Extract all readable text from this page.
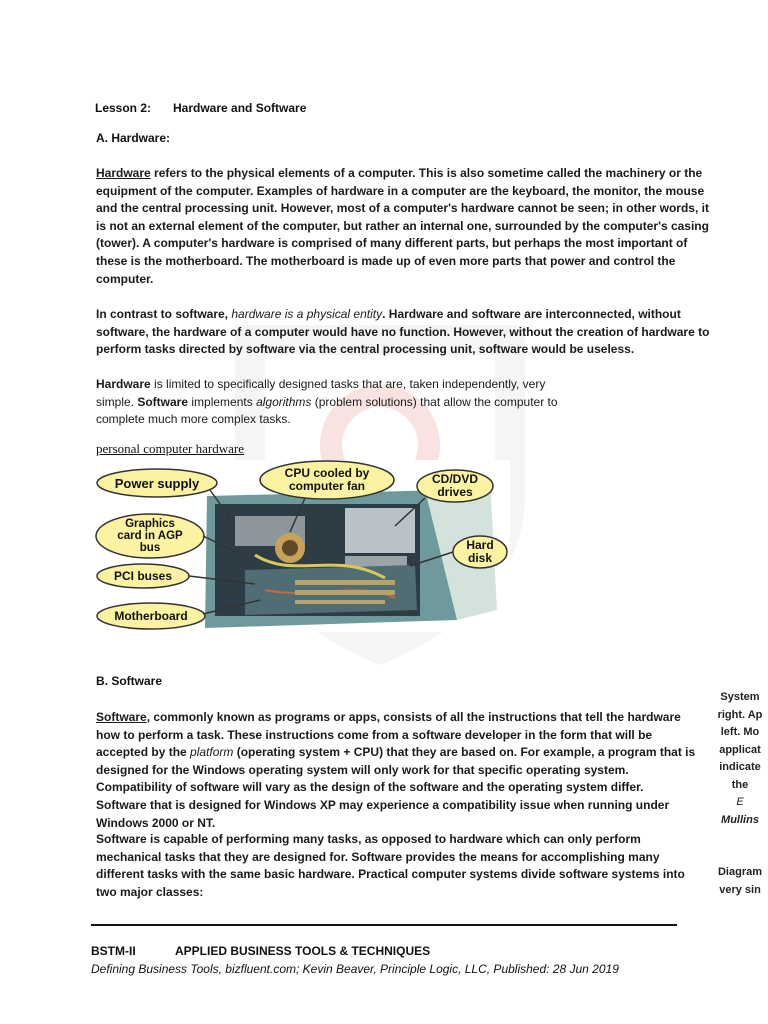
Lesson 2: Hardware and Software
A. Hardware:
Hardware refers to the physical elements of a computer. This is also sometime called the machinery or the equipment of the computer. Examples of hardware in a computer are the keyboard, the monitor, the mouse and the central processing unit. However, most of a computer's hardware cannot be seen; in other words, it is not an external element of the computer, but rather an internal one, surrounded by the computer's casing (tower). A computer's hardware is comprised of many different parts, but perhaps the most important of these is the motherboard. The motherboard is made up of even more parts that power and control the computer.
In contrast to software, hardware is a physical entity. Hardware and software are interconnected, without software, the hardware of a computer would have no function. However, without the creation of hardware to perform tasks directed by software via the central processing unit, software would be useless.
Hardware is limited to specifically designed tasks that are, taken independently, very simple. Software implements algorithms (problem solutions) that allow the computer to complete much more complex tasks.
personal computer hardware
Power supply
CPU cooled by
computer fan	CD/DVD
drives
Graphics
card in AGP
bus	Hard
disk
PCI buses
Motherboard
B. Software
Software, commonly known as programs or apps, consists of all the instructions that tell the hardware how to perform a task. These instructions come from a software developer in the form that will be accepted by the platform (operating system + CPU) that they are based on. For example, a program that is designed for the Windows operating system will only work for that specific operating system. Compatibility of software will vary as the design of the software and the operating system differ. Software that is designed for Windows XP may experience a compatibility issue when running under Windows 2000 or NT.
Software is capable of performing many tasks, as opposed to hardware which can only perform mechanical tasks that they are designed for. Software provides the means for accomplishing many different tasks with the same basic hardware. Practical computer systems divide software systems into two major classes:
System
right. Ap
left. Mo
applicat
indicate
the
E
Mullins
Diagram
very sin
BSTM-II	APPLIED BUSINESS TOOLS & TECHNIQUES
Defining Business Tools, bizfluent.com; Kevin Beaver, Principle Logic, LLC, Published: 28 Jun 2019
